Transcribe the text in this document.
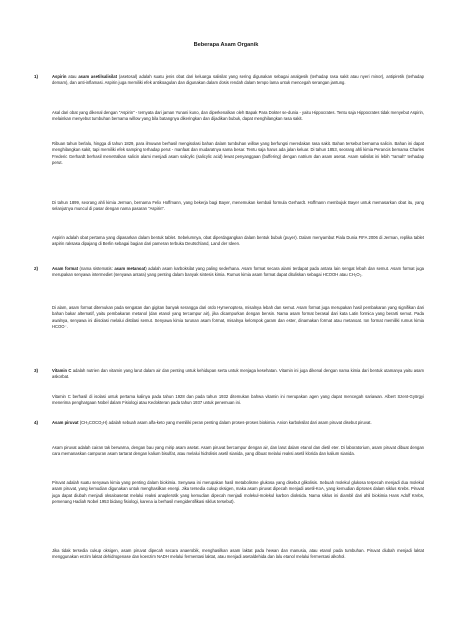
Beberapa Asam Organik
1)	Aspirin atau asam asetilsalisilat (asetosal) adalah suatu jenis obat dari keluarga salisilat yang sering digunakan sebagai analgesik (terhadap rasa sakit atau nyeri minor), antipiretik (terhadap demam), dan anti-inflamasi. Aspirin juga memiliki efek antikoagulan dan digunakan dalam dosis rendah dalam tempo lama untuk mencegah serangan jantung.

Asal dari obat yang dikenal dengan "Aspirin" - ternyata dari jaman Yunani kuno, dan diperkenalkan oleh Bapak Para Dokter se-dunia - yaitu Hippocrates. Tentu saja Hippocrates tidak menyebut Aspirin, melainkan menyebut tumbuhan bernama willow yang bila batangnya dikeringkan dan dijadikan bubuk, dapat menghilangkan rasa sakit.

Ribuan tahun berlalu, hingga di tahun 1829, para ilmuwan berhasil mengisolasi bahan dalam tumbuhan willow yang berfungsi meredakan rasa sakit. Bahan tersebut bernama salicin. Bahan ini dapat menghilangkan sakit, tapi memiliki efek samping terhadap perut - manfaat dan mudaratnya sama besar. Tentu saja harus ada jalan keluar. Di tahun 1853, seorang ahli kimia Perancis bernama Charles Frederic Gerhardt berhasil menetralkan salicin alami menjadi asam salicylic (salicylic acid) lewat penyanggaan (buffering) dengan natrium dan asam asetat. Asam salisilat ini lebih "ramah" terhadap perut.

Di tahun 1899, seorang ahli kimia Jerman, bernama Felix Hoffmann, yang bekerja bagi Bayer, menemukan kembali formula Gerhardt. Hoffmann membujuk Bayer untuk memasarkan obat itu, yang selanjutnya muncul di pasar dengan nama pasaran "Aspirin".

Aspirin adalah obat pertama yang dipasarkan dalam bentuk tablet. Sebelumnya, obat diperdagangkan dalam bentuk bubuk (puyer). Dalam menyambut Piala Dunia FIFA 2006 di Jerman, replika tablet aspirin raksasa dipajang di Berlin sebagai bagian dari pameran terbuka Deutschland, Land der Ideen.

2)	Asam format (nama sistematis: asam metanoat) adalah asam karboksilat yang paling sederhana. Asam format secara alami terdapat pada antara lain sengat lebah dan semut. Asam format juga merupakan senyawa intermediet (senyawa antara) yang penting dalam banyak sintesis kimia. Rumus kimia asam format dapat dituliskan sebagai HCOOH atau CH₂O₂.

Di alam, asam format ditemukan pada sengatan dan gigitan banyak serangga dari ordo Hymenoptera, misalnya lebah dan semut. Asam format juga merupakan hasil pembakaran yang signifikan dari bahan bakar alternatif, yaitu pembakaran metanol (dan etanol yang tercampur air), jika dicampurkan dengan bensin. Nama asam format berasal dari kata Latin formica yang berarti semut. Pada awalnya, senyawa ini diisolasi melalui distilasi semut. Senyawa kimia turunan asam format, misalnya kelompok garam dan ester, dinamakan format atau metanoat. Ion format memiliki rumus kimia HCOO⁻.

3)	Vitamin C adalah nutrien dan vitamin yang larut dalam air dan penting untuk kehidupan serta untuk menjaga kesehatan. Vitamin ini juga dikenal dengan nama kimia dari bentuk utamanya yaitu asam askorbat.

Vitamin C berhasil di isolasi untuk pertama kalinya pada tahun 1928 dan pada tahun 1932 ditemukan bahwa vitamin ini merupakan agen yang dapat mencegah sariawan. Albert Szent-Györgyi menerima penghargaan Nobel dalam Fisiologi atau Kedokteran pada tahun 1937 untuk penemuan ini.

4)	Asam piruvat (CH₃COCO₂H) adalah sebuah asam alfa-keto yang memiliki peran penting dalam proses-proses biokimia. Anion karboksilat dari asam piruvat disebut piruvat.

Asam piruvat adalah cairan tak berwarna, dengan bau yang mirip asam asetat. Asam piruvat bercampur dengan air, dan larut dalam etanol dan dietil eter. Di laboratorium, asam piruvat dibuat dengan cara memanaskan campuran asam tartarat dengan kalium bisulfat, atau melalui hidrolisis asetil sianida, yang dibuat melalui reaksi asetil klorida dan kalium sianida.

Piruvat adalah suatu senyawa kimia yang penting dalam biokimia. Senyawa ini merupakan hasil metabolisme glukosa yang disebut glikolisis. Sebuah molekul glukosa terpecah menjadi dua molekul asam piruvat, yang kemudian digunakan untuk menghasilkan energi. Jika tersedia cukup oksigen, maka asam piruvat dipecah menjadi asetil-KoA, yang kemudian diproses dalam siklus Krebs. Piruvat juga dapat diubah menjadi oksaloasetat melalui reaksi anaplerotik yang kemudian dipecah menjadi molekul-molekul karbon dioksida. Nama siklus ini diambil dari ahli biokimia Hans Adolf Krebs, pemenang Hadiah Nobel 1953 bidang fisiologi, karena ia berhasil mengidentifikasi siklus tersebut).

Jika tidak tersedia cukup oksigen, asam piruvat dipecah secara anaerobik, menghasilkan asam laktat pada hewan dan manusia, atau etanol pada tumbuhan. Piruvat diubah menjadi laktat menggunakan enzim laktat dehidrogenase dan koenzim NADH melalui fermentasi laktat, atau menjadi asetaldehida dan lalu etanol melalui fermentasi alkohol.
